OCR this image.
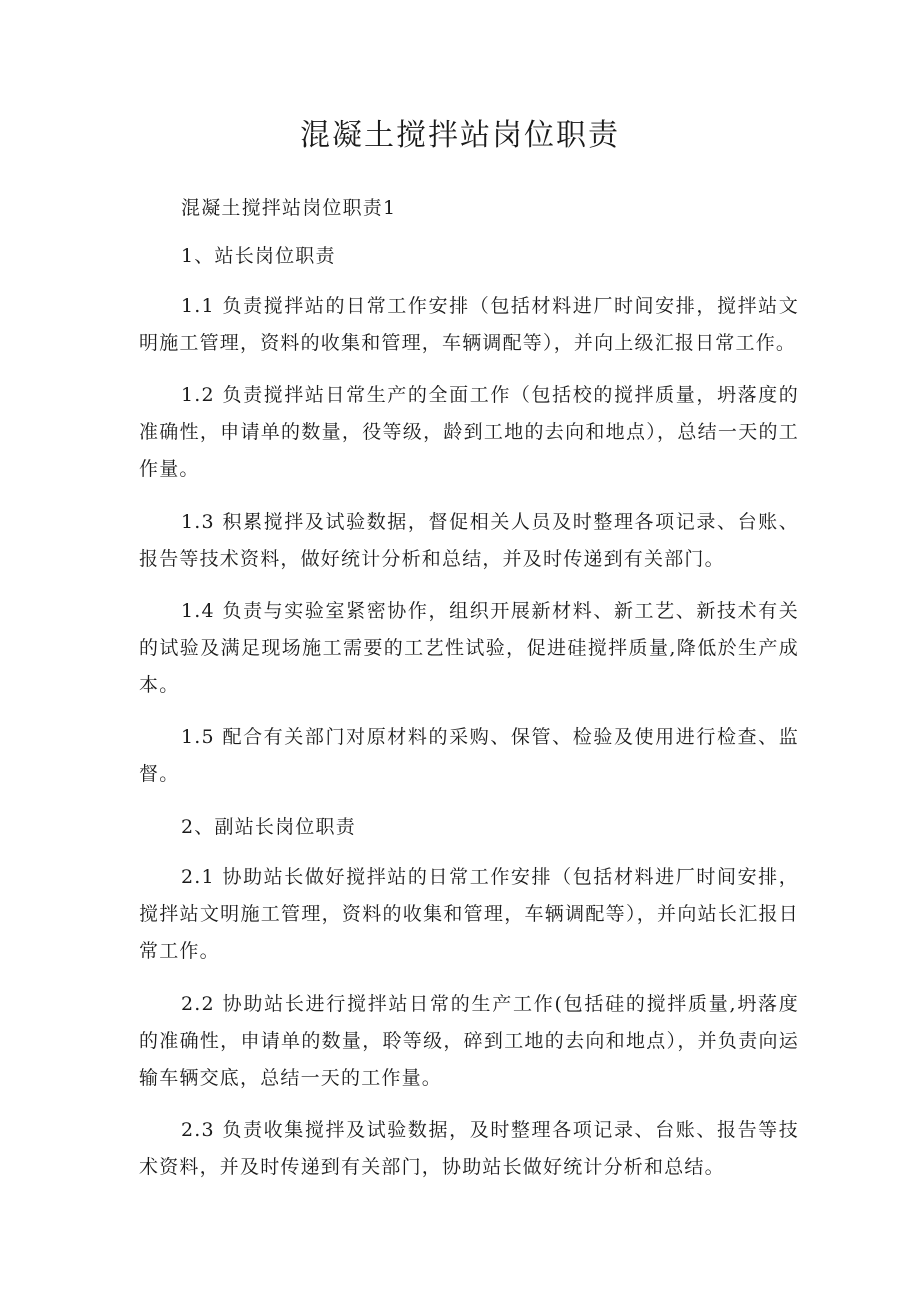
混凝土搅拌站岗位职责

混凝土搅拌站岗位职责1

1、站长岗位职责

1.1 负责搅拌站的日常工作安排（包括材料进厂时间安排，搅拌站文明施工管理，资料的收集和管理，车辆调配等），并向上级汇报日常工作。

1.2 负责搅拌站日常生产的全面工作（包括校的搅拌质量，坍落度的准确性，申请单的数量，役等级，龄到工地的去向和地点），总结一天的工作量。

1.3 积累搅拌及试验数据，督促相关人员及时整理各项记录、台账、报告等技术资料，做好统计分析和总结，并及时传递到有关部门。

1.4 负责与实验室紧密协作，组织开展新材料、新工艺、新技术有关的试验及满足现场施工需要的工艺性试验，促进硅搅拌质量,降低於生产成本。

1.5 配合有关部门对原材料的采购、保管、检验及使用进行检查、监督。

2、副站长岗位职责

2.1 协助站长做好搅拌站的日常工作安排（包括材料进厂时间安排，搅拌站文明施工管理，资料的收集和管理，车辆调配等），并向站长汇报日常工作。

2.2 协助站长进行搅拌站日常的生产工作(包括硅的搅拌质量,坍落度的准确性，申请单的数量，聆等级，碎到工地的去向和地点），并负责向运输车辆交底，总结一天的工作量。

2.3 负责收集搅拌及试验数据，及时整理各项记录、台账、报告等技术资料，并及时传递到有关部门，协助站长做好统计分析和总结。
